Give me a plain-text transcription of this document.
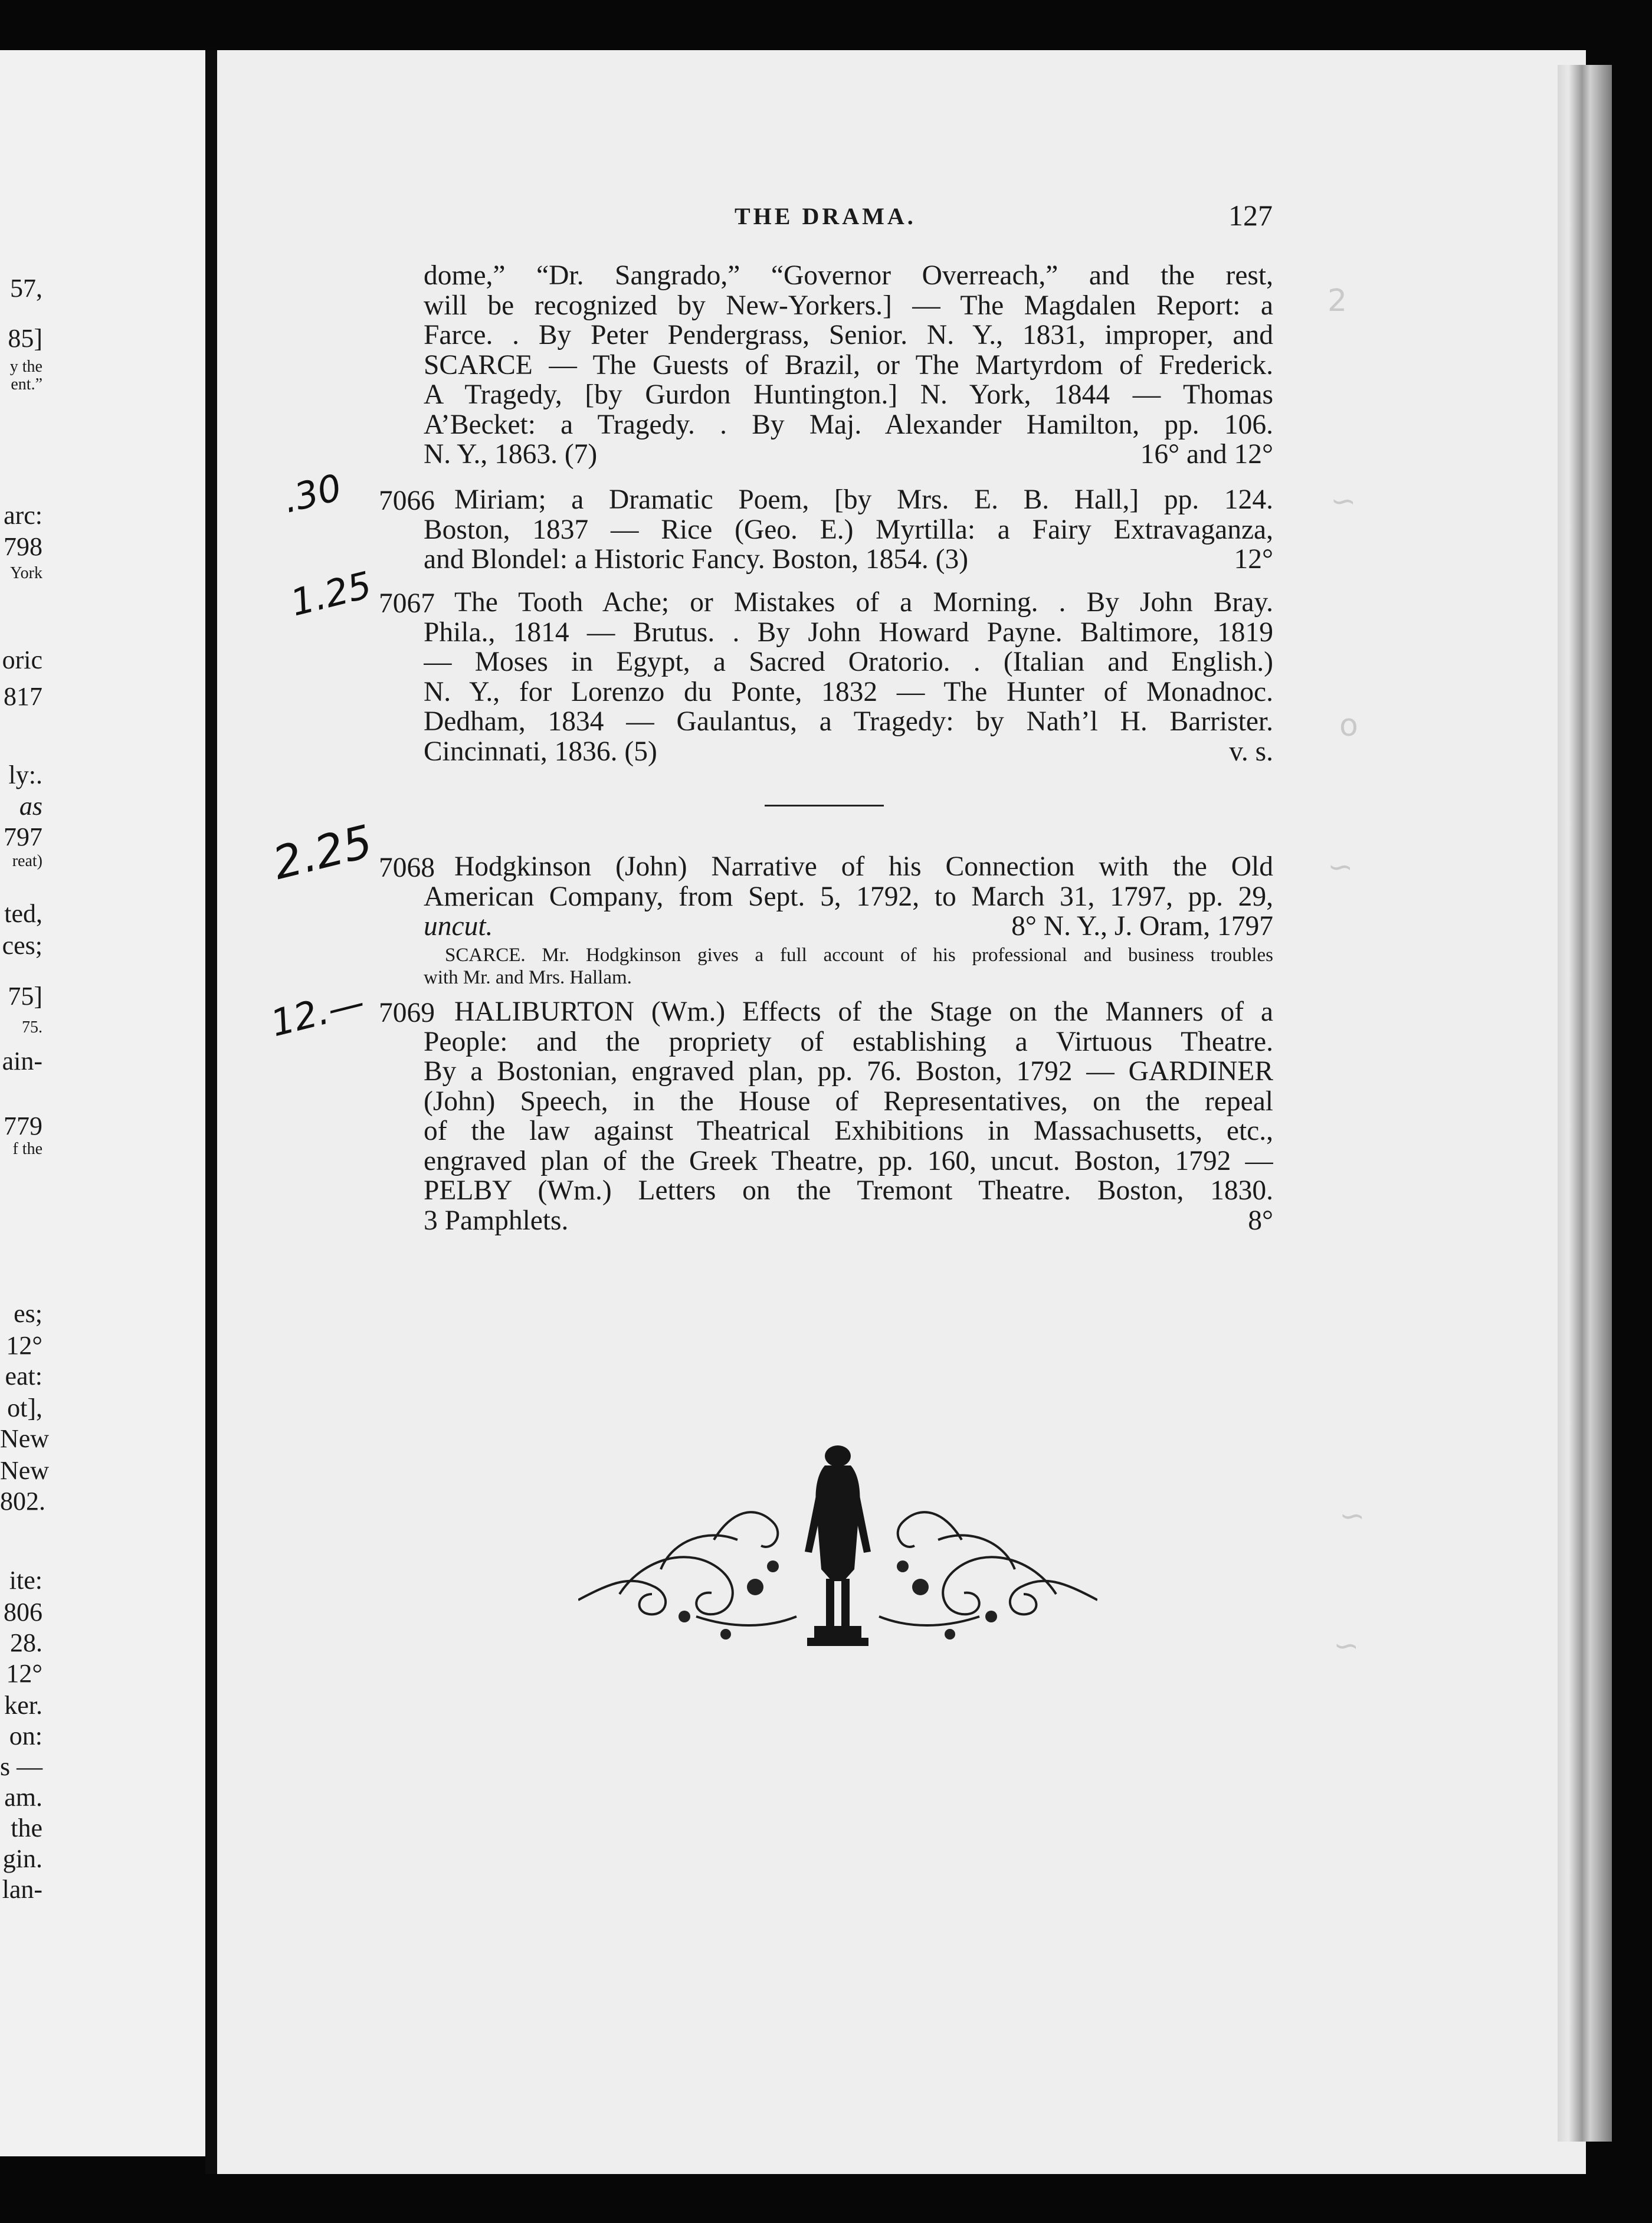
57,
85]
y the
ent.”
arc:
798
York
oric
817
ly:.
as
797
reat)
ted,
ces;
75]
75.
ain-
779
f the
es;
12°
eat:
ot],
New
New
802.
ite:
806
28.
12°
ker.
on:
s —
am.
the
gin.
lan-
THE DRAMA.	127
dome,” “Dr. Sangrado,” “Governor Overreach,” and the rest,
will be recognized by New-Yorkers.] — The Magdalen Report: a
Farce. . By Peter Pendergrass, Senior. N. Y., 1831, improper, and
SCARCE — The Guests of Brazil, or The Martyrdom of Frederick.
A Tragedy, [by Gurdon Huntington.] N. York, 1844 — Thomas
A’Becket: a Tragedy. . By Maj. Alexander Hamilton, pp. 106.
N. Y., 1863. (7)	16° and 12°
7066 Miriam; a Dramatic Poem, [by Mrs. E. B. Hall,] pp. 124.
Boston, 1837 — Rice (Geo. E.) Myrtilla: a Fairy Extravaganza,
and Blondel: a Historic Fancy. Boston, 1854. (3)	12°
7067 The Tooth Ache; or Mistakes of a Morning. . By John Bray.
Phila., 1814 — Brutus. . By John Howard Payne. Baltimore, 1819
— Moses in Egypt, a Sacred Oratorio. . (Italian and English.)
N. Y., for Lorenzo du Ponte, 1832 — The Hunter of Monadnoc.
Dedham, 1834 — Gaulantus, a Tragedy: by Nath’l H. Barrister.
Cincinnati, 1836. (5)	v. s.
7068 Hodgkinson (John) Narrative of his Connection with the Old
American Company, from Sept. 5, 1792, to March 31, 1797, pp. 29,
uncut.	8° N. Y., J. Oram, 1797
SCARCE. Mr. Hodgkinson gives a full account of his professional and business troubles
with Mr. and Mrs. Hallam.
7069 HALIBURTON (Wm.) Effects of the Stage on the Manners of a
People: and the propriety of establishing a Virtuous Theatre.
By a Bostonian, engraved plan, pp. 76. Boston, 1792 — GARDINER
(John) Speech, in the House of Representatives, on the repeal
of the law against Theatrical Exhibitions in Massachusetts, etc.,
engraved plan of the Greek Theatre, pp. 160, uncut. Boston, 1792 —
PELBY (Wm.) Letters on the Tremont Theatre. Boston, 1830.
3 Pamphlets.	8°
.30
1.25
2.25
12.—
2
∽
o
∽
∽
∽
